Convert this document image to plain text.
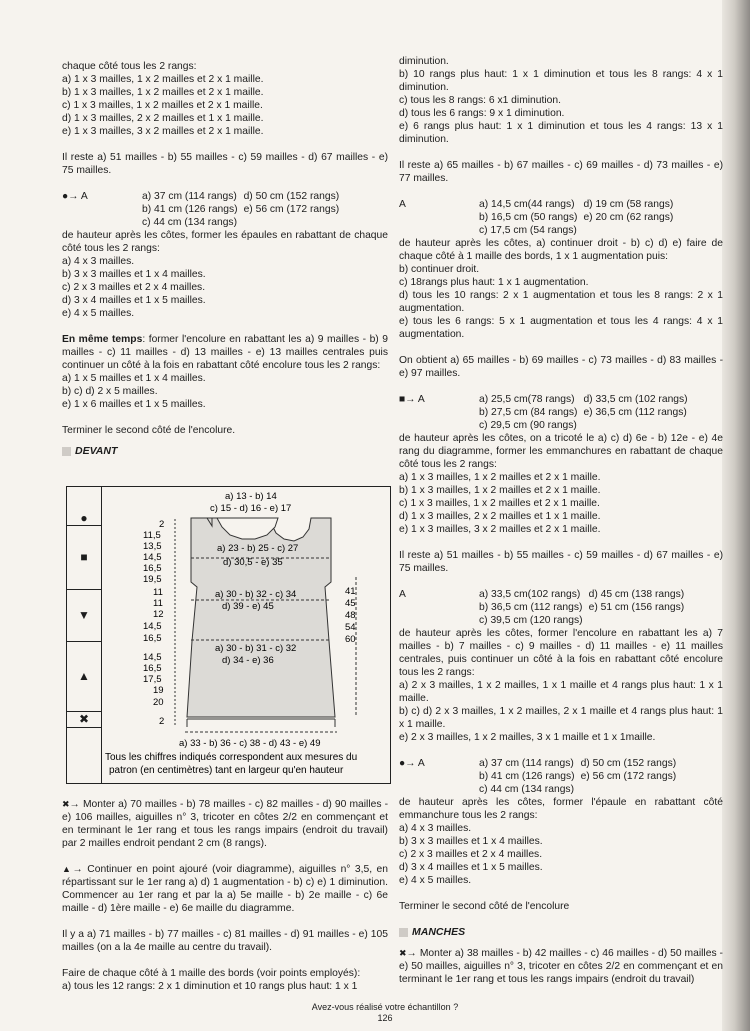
chaque côté tous les 2 rangs:

a) 1 x 3 mailles, 1 x 2 mailles et 2 x 1 maille.

b) 1 x 3 mailles, 1 x 2 mailles et 2 x 1 maille.

c) 1 x 3 mailles, 1 x 2 mailles et 2 x 1 maille.

d) 1 x 3 mailles, 2 x 2 mailles et 1 x 1 maille.

e) 1 x 3 mailles, 3 x 2 mailles et 2 x 1 maille.

Il reste a) 51 mailles - b) 55 mailles - c) 59 mailles - d) 67 mailles - e) 75 mailles.

●→ A	a) 37 cm (114 rangs) d) 50 cm (152 rangs)
b) 41 cm (126 rangs) e) 56 cm (172 rangs)
c) 44 cm (134 rangs)

de hauteur après les côtes, former les épaules en rabattant de chaque côté tous les 2 rangs:

a) 4 x 3 mailles.

b) 3 x 3 mailles et 1 x 4 mailles.

c) 2 x 3 mailles et 2 x 4 mailles.

d) 3 x 4 mailles et 1 x 5 mailles.

e) 4 x 5 mailles.

En même temps: former l'encolure en rabattant les a) 9 mailles - b) 9 mailles - c) 11 mailles - d) 13 mailles - e) 13 mailles centrales puis continuer un côté à la fois en rabattant côté encolure tous les 2 rangs:

a) 1 x 5 mailles et 1 x 4 mailles.

b) c) d) 2 x 5 mailles.

e) 1 x 6 mailles et 1 x 5 mailles.

Terminer le second côté de l'encolure.

DEVANT
●
■
▼
▲
✖
a) 13 - b) 14
c) 15 - d) 16 - e) 17
a) 23 - b) 25 - c) 27
d) 30,5 - e) 35
a) 30 - b) 32 - c) 34
d) 39 - e) 45
a) 30 - b) 31 - c) 32
d) 34 - e) 36
a) 33 - b) 36 - c) 38 - d) 43 - e) 49
2
11,5
13,5
14,5
16,5
19,5
11
11
12
14,5
16,5
14,5
16,5
17,5
19
20
2
41
45
48
54
60
Tous les chiffres indiqués correspondent aux mesures du
patron (en centimètres) tant en largeur qu'en hauteur

✖→ Monter a) 70 mailles - b) 78 mailles - c) 82 mailles - d) 90 mailles - e) 106 mailles, aiguilles n° 3, tricoter en côtes 2/2 en commençant et en terminant le 1er rang et tous les rangs impairs (endroit du travail) par 2 mailles endroit pendant 2 cm (8 rangs).

▲→ Continuer en point ajouré (voir diagramme), aiguilles n° 3,5, en répartissant sur le 1er rang a) d) 1 augmentation - b) c) e) 1 diminution. Commencer au 1er rang et par la a) 5e maille - b) 2e maille - c) 6e maille - d) 1ère maille - e) 6e maille du diagramme.

Il y a a) 71 mailles - b) 77 mailles - c) 81 mailles - d) 91 mailles - e) 105 mailles (on a la 4e maille au centre du travail).

Faire de chaque côté à 1 maille des bords (voir points employés):

a) tous les 12 rangs: 2 x 1 diminution et 10 rangs plus haut: 1 x 1

diminution.

b) 10 rangs plus haut: 1 x 1 diminution et tous les 8 rangs: 4 x 1 diminution.

c) tous les 8 rangs: 6 x1 diminution.

d) tous les 6 rangs: 9 x 1 diminution.

e) 6 rangs plus haut: 1 x 1 diminution et tous les 4 rangs: 13 x 1 diminution.

Il reste a) 65 mailles - b) 67 mailles - c) 69 mailles - d) 73 mailles - e) 77 mailles.

A	a) 14,5 cm(44 rangs) d) 19 cm (58 rangs)
b) 16,5 cm (50 rangs) e) 20 cm (62 rangs)
c) 17,5 cm (54 rangs)

de hauteur après les côtes, a) continuer droit - b) c) d) e) faire de chaque côté à 1 maille des bords, 1 x 1 augmentation puis:

b) continuer droit.

c) 18rangs plus haut: 1 x 1 augmentation.

d) tous les 10 rangs: 2 x 1 augmentation et tous les 8 rangs: 2 x 1 augmentation.

e) tous les 6 rangs: 5 x 1 augmentation et tous les 4 rangs: 4 x 1 augmentation.

On obtient a) 65 mailles - b) 69 mailles - c) 73 mailles - d) 83 mailles - e) 97 mailles.

■→ A	a) 25,5 cm(78 rangs) d) 33,5 cm (102 rangs)
b) 27,5 cm (84 rangs) e) 36,5 cm (112 rangs)
c) 29,5 cm (90 rangs)

de hauteur après les côtes, on a tricoté le a) c) d) 6e - b) 12e - e) 4e rang du diagramme, former les emmanchures en rabattant de chaque côté tous les 2 rangs:

a) 1 x 3 mailles, 1 x 2 mailles et 2 x 1 maille.

b) 1 x 3 mailles, 1 x 2 mailles et 2 x 1 maille.

c) 1 x 3 mailles, 1 x 2 mailles et 2 x 1 maille.

d) 1 x 3 mailles, 2 x 2 mailles et 1 x 1 maille.

e) 1 x 3 mailles, 3 x 2 mailles et 2 x 1 maille.

Il reste a) 51 mailles - b) 55 mailles - c) 59 mailles - d) 67 mailles - e) 75 mailles.

A	a) 33,5 cm(102 rangs) d) 45 cm (138 rangs)
b) 36,5 cm (112 rangs) e) 51 cm (156 rangs)
c) 39,5 cm (120 rangs)

de hauteur après les côtes, former l'encolure en rabattant les a) 7 mailles - b) 7 mailles - c) 9 mailles - d) 11 mailles - e) 11 mailles centrales, puis continuer un côté à la fois en rabattant côté encolure tous les 2 rangs:

a) 2 x 3 mailles, 1 x 2 mailles, 1 x 1 maille et 4 rangs plus haut: 1 x 1 maille.

b) c) d) 2 x 3 mailles, 1 x 2 mailles, 2 x 1 maille et 4 rangs plus haut: 1 x 1 maille.

e) 2 x 3 mailles, 1 x 2 mailles, 3 x 1 maille et 1 x 1maille.

●→ A	a) 37 cm (114 rangs) d) 50 cm (152 rangs)
b) 41 cm (126 rangs) e) 56 cm (172 rangs)
c) 44 cm (134 rangs)

de hauteur après les côtes, former l'épaule en rabattant côté emmanchure tous les 2 rangs:

a) 4 x 3 mailles.

b) 3 x 3 mailles et 1 x 4 mailles.

c) 2 x 3 mailles et 2 x 4 mailles.

d) 3 x 4 mailles et 1 x 5 mailles.

e) 4 x 5 mailles.

Terminer le second côté de l'encolure

MANCHES

✖→ Monter a) 38 mailles - b) 42 mailles - c) 46 mailles - d) 50 mailles - e) 50 mailles, aiguilles n° 3, tricoter en côtes 2/2 en commençant et en terminant le 1er rang et tous les rangs impairs (endroit du travail)

Avez-vous réalisé votre échantillon ?
126
